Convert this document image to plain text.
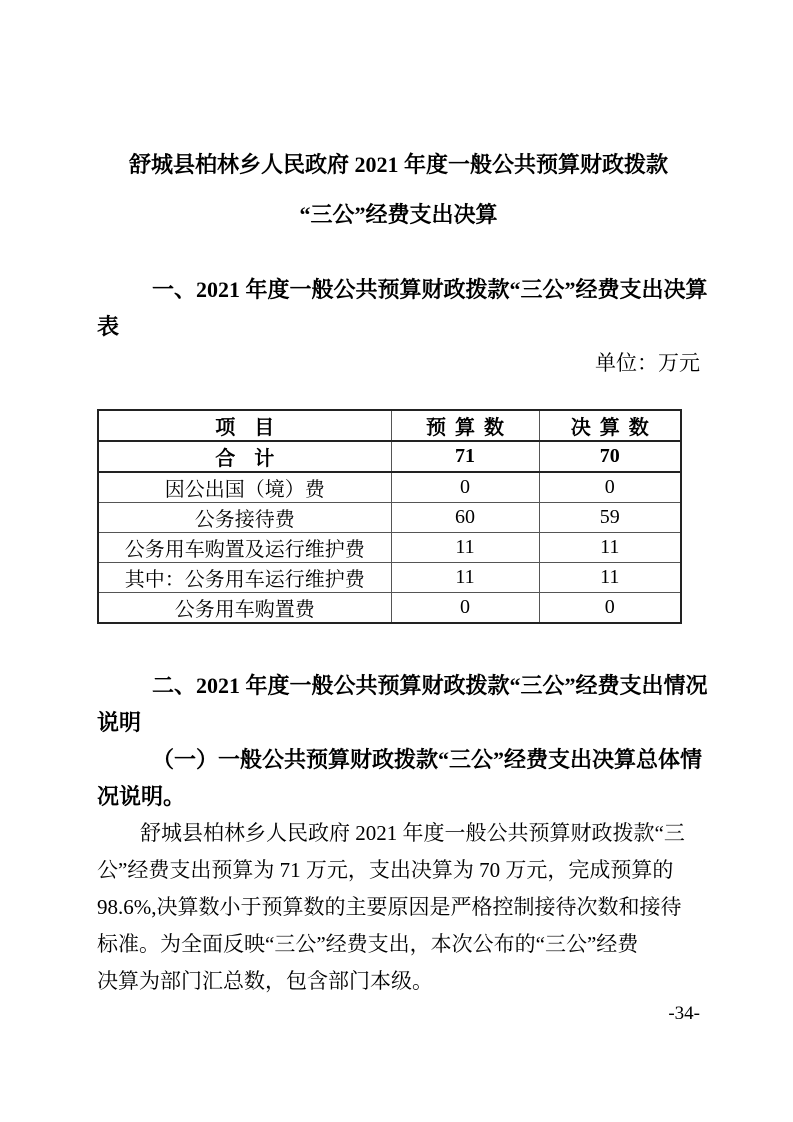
舒城县柏林乡人民政府 2021 年度一般公共预算财政拨款
“三公”经费支出决算
一、2021 年度一般公共预算财政拨款“三公”经费支出决算
表
单位：万元
项目	预算数	决算数
合计	71	70
因公出国（境）费	0	0
公务接待费	60	59
公务用车购置及运行维护费	11	11
其中：公务用车运行维护费	11	11
公务用车购置费	0	0
二、2021 年度一般公共预算财政拨款“三公”经费支出情况
说明
（一）一般公共预算财政拨款“三公”经费支出决算总体情
况说明。
舒城县柏林乡人民政府 2021 年度一般公共预算财政拨款“三
公”经费支出预算为 71 万元，支出决算为 70 万元，完成预算的
98.6%,决算数小于预算数的主要原因是严格控制接待次数和接待
标准。为全面反映“三公”经费支出，本次公布的“三公”经费
决算为部门汇总数，包含部门本级。
-34-
